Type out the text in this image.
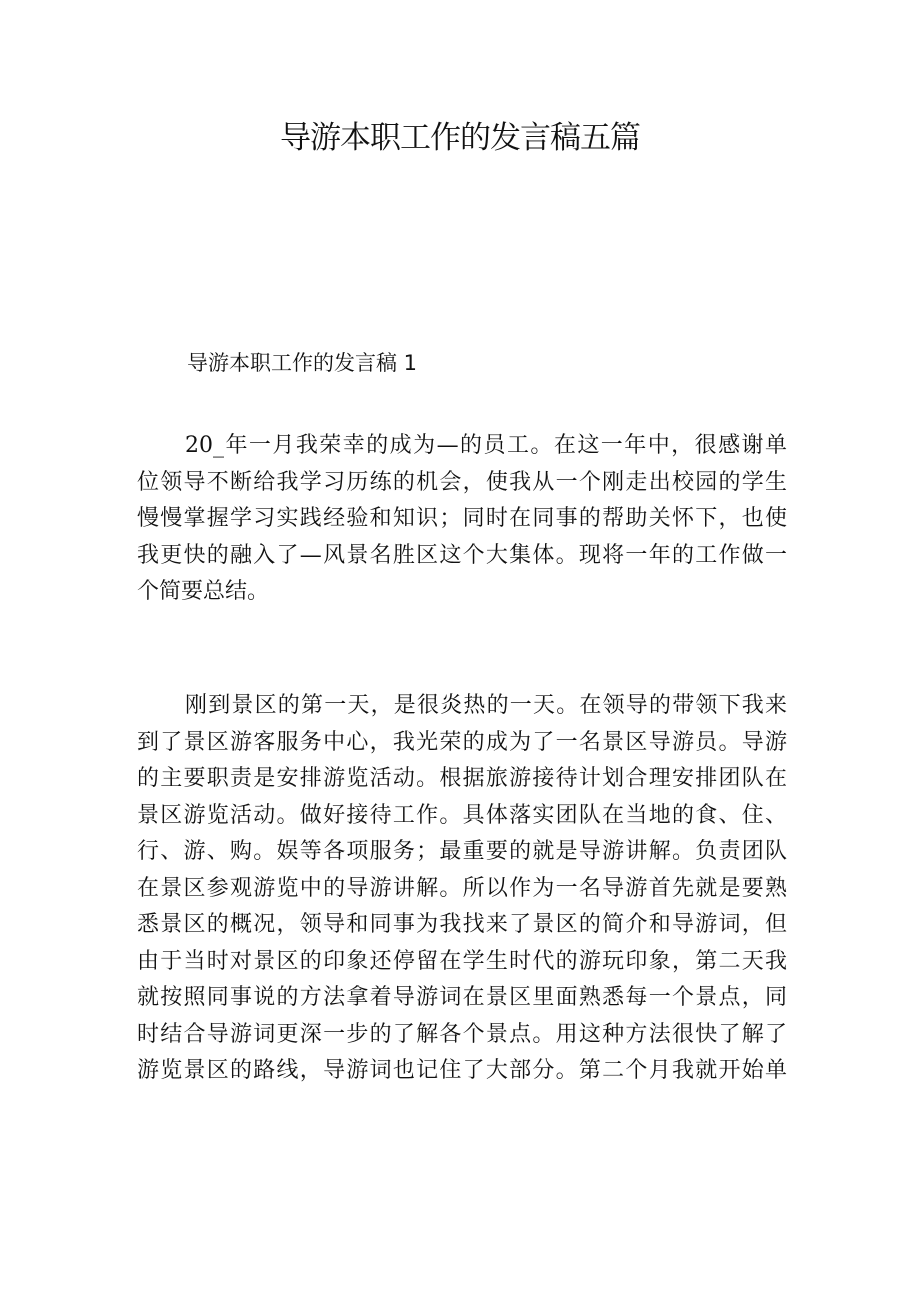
导游本职工作的发言稿五篇
导游本职工作的发言稿 1
20_年一月我荣幸的成为—的员工。在这一年中，很感谢单
位领导不断给我学习历练的机会，使我从一个刚走出校园的学生
慢慢掌握学习实践经验和知识；同时在同事的帮助关怀下，也使
我更快的融入了—风景名胜区这个大集体。现将一年的工作做一
个简要总结。
刚到景区的第一天，是很炎热的一天。在领导的带领下我来
到了景区游客服务中心，我光荣的成为了一名景区导游员。导游
的主要职责是安排游览活动。根据旅游接待计划合理安排团队在
景区游览活动。做好接待工作。具体落实团队在当地的食、住、
行、游、购。娱等各项服务；最重要的就是导游讲解。负责团队
在景区参观游览中的导游讲解。所以作为一名导游首先就是要熟
悉景区的概况，领导和同事为我找来了景区的简介和导游词，但
由于当时对景区的印象还停留在学生时代的游玩印象，第二天我
就按照同事说的方法拿着导游词在景区里面熟悉每一个景点，同
时结合导游词更深一步的了解各个景点。用这种方法很快了解了
游览景区的路线，导游词也记住了大部分。第二个月我就开始单
